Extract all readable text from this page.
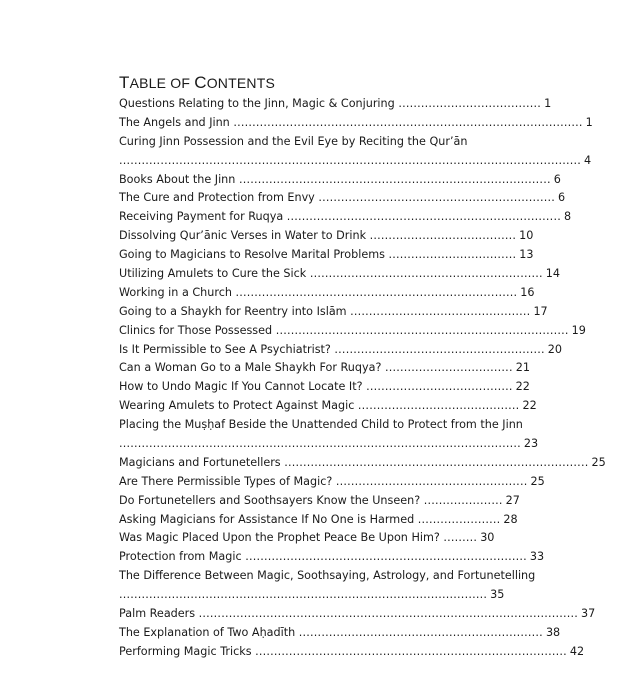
TABLE OF CONTENTS
Questions Relating to the Jinn, Magic & Conjuring ...................................... 1
The Angels and Jinn ............................................................................................. 1
Curing Jinn Possession and the Evil Eye by Reciting the Qur’ān
........................................................................................................................... 4
Books About the Jinn ................................................................................... 6
The Cure and Protection from Envy ............................................................... 6
Receiving Payment for Ruqya ......................................................................... 8
Dissolving Qur’ānic Verses in Water to Drink ....................................... 10
Going to Magicians to Resolve Marital Problems .................................. 13
Utilizing Amulets to Cure the Sick .............................................................. 14
Working in a Church ........................................................................... 16
Going to a Shaykh for Reentry into Islām ................................................ 17
Clinics for Those Possessed .............................................................................. 19
Is It Permissible to See A Psychiatrist? ........................................................ 20
Can a Woman Go to a Male Shaykh For Ruqya? .................................. 21
How to Undo Magic If You Cannot Locate It? ....................................... 22
Wearing Amulets to Protect Against Magic ........................................... 22
Placing the Muṣḥaf Beside the Unattended Child to Protect from the Jinn
........................................................................................................... 23
Magicians and Fortunetellers ................................................................................. 25
Are There Permissible Types of Magic? ................................................... 25
Do Fortunetellers and Soothsayers Know the Unseen? ..................... 27
Asking Magicians for Assistance If No One is Harmed ...................... 28
Was Magic Placed Upon the Prophet Peace Be Upon Him? ......... 30
Protection from Magic ........................................................................... 33
The Difference Between Magic, Soothsaying, Astrology, and Fortunetelling
.................................................................................................. 35
Palm Readers ..................................................................................................... 37
The Explanation of Two Aḥadīth ................................................................. 38
Performing Magic Tricks ................................................................................... 42
